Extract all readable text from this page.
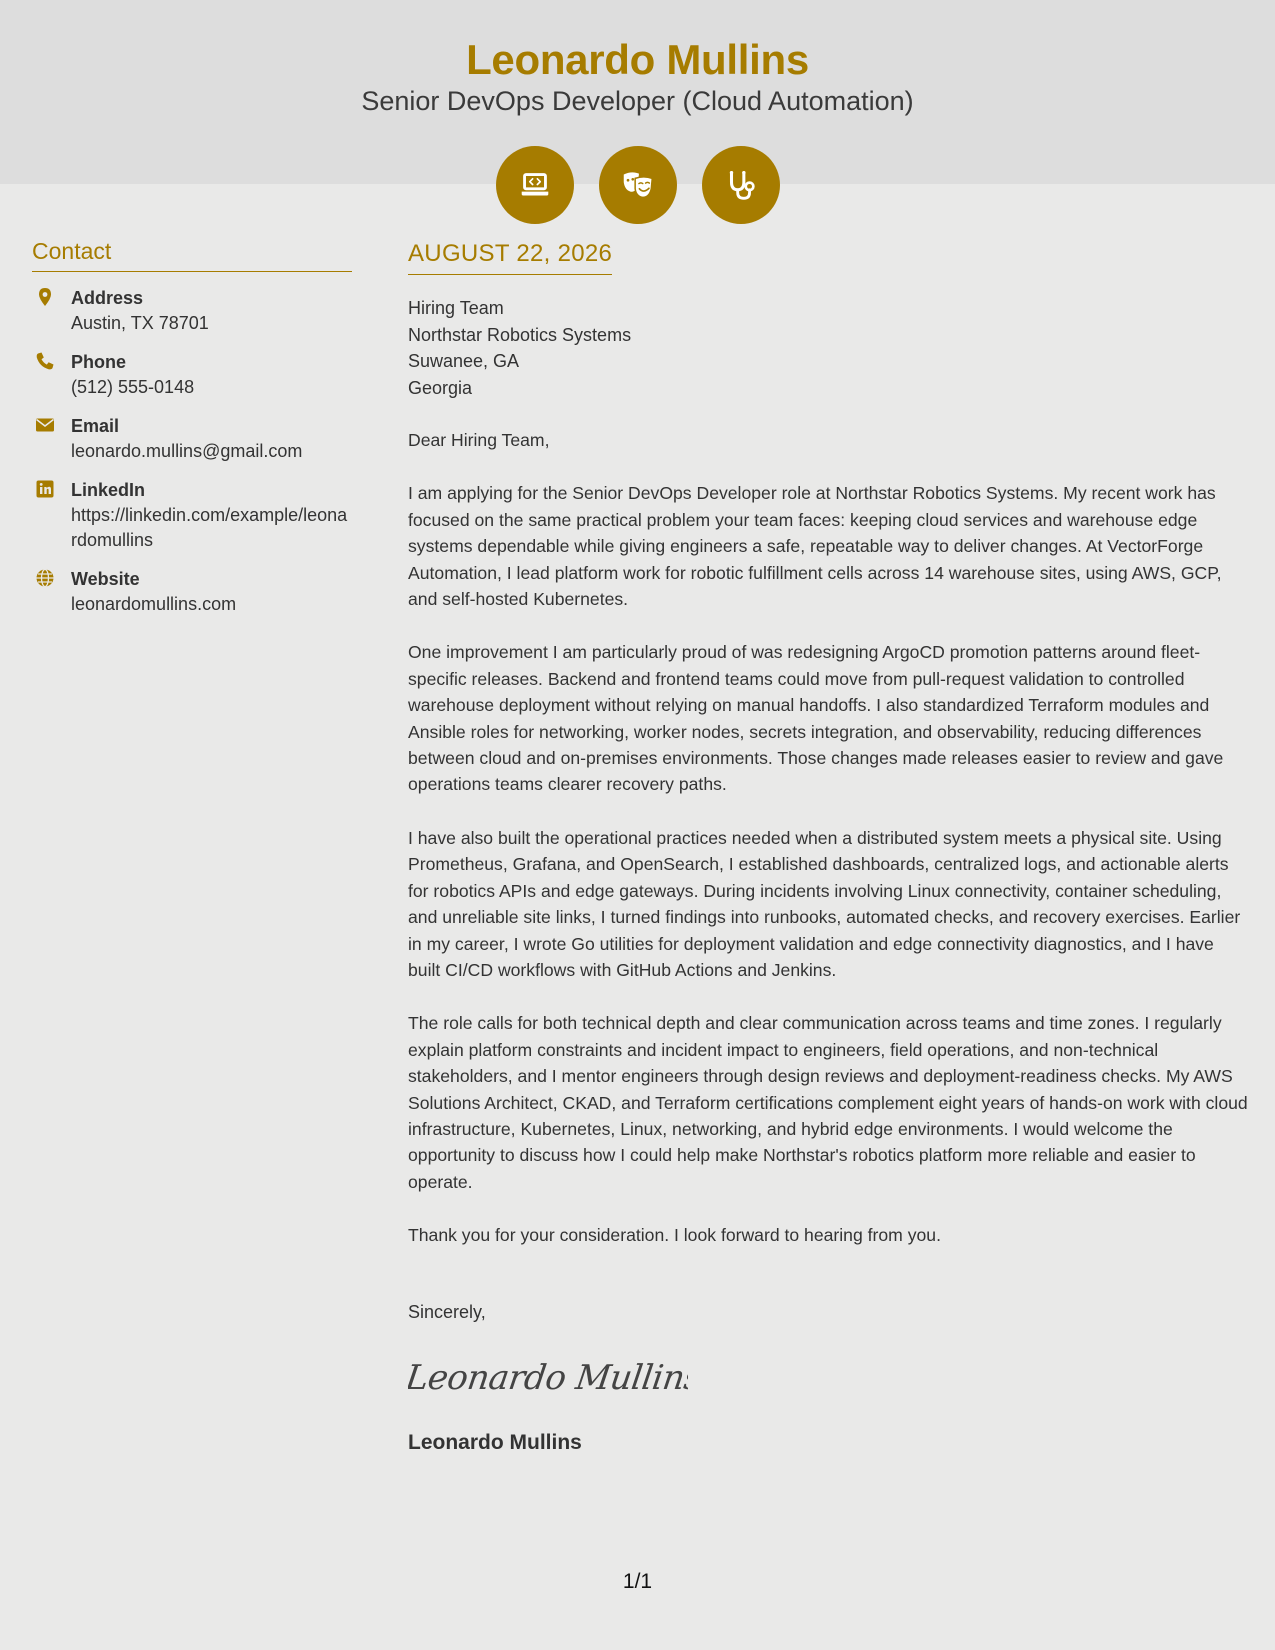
Leonardo Mullins
Senior DevOps Developer (Cloud Automation)
Contact
Address
Austin, TX 78701
Phone
(512) 555-0148
Email
leonardo.mullins@gmail.com
LinkedIn
https://linkedin.com/example/leonardomullins
Website
leonardomullins.com
AUGUST 22, 2026
Hiring Team
Northstar Robotics Systems
Suwanee, GA
Georgia

Dear Hiring Team,

I am applying for the Senior DevOps Developer role at Northstar Robotics Systems. My recent work has focused on the same practical problem your team faces: keeping cloud services and warehouse edge systems dependable while giving engineers a safe, repeatable way to deliver changes. At VectorForge Automation, I lead platform work for robotic fulfillment cells across 14 warehouse sites, using AWS, GCP, and self-hosted Kubernetes.

One improvement I am particularly proud of was redesigning ArgoCD promotion patterns around fleet-specific releases. Backend and frontend teams could move from pull-request validation to controlled warehouse deployment without relying on manual handoffs. I also standardized Terraform modules and Ansible roles for networking, worker nodes, secrets integration, and observability, reducing differences between cloud and on-premises environments. Those changes made releases easier to review and gave operations teams clearer recovery paths.

I have also built the operational practices needed when a distributed system meets a physical site. Using Prometheus, Grafana, and OpenSearch, I established dashboards, centralized logs, and actionable alerts for robotics APIs and edge gateways. During incidents involving Linux connectivity, container scheduling, and unreliable site links, I turned findings into runbooks, automated checks, and recovery exercises. Earlier in my career, I wrote Go utilities for deployment validation and edge connectivity diagnostics, and I have built CI/CD workflows with GitHub Actions and Jenkins.

The role calls for both technical depth and clear communication across teams and time zones. I regularly explain platform constraints and incident impact to engineers, field operations, and non-technical stakeholders, and I mentor engineers through design reviews and deployment-readiness checks. My AWS Solutions Architect, CKAD, and Terraform certifications complement eight years of hands-on work with cloud infrastructure, Kubernetes, Linux, networking, and hybrid edge environments. I would welcome the opportunity to discuss how I could help make Northstar's robotics platform more reliable and easier to operate.

Thank you for your consideration. I look forward to hearing from you.

Sincerely,

Leonardo Mullins
Leonardo Mullins
1/1
